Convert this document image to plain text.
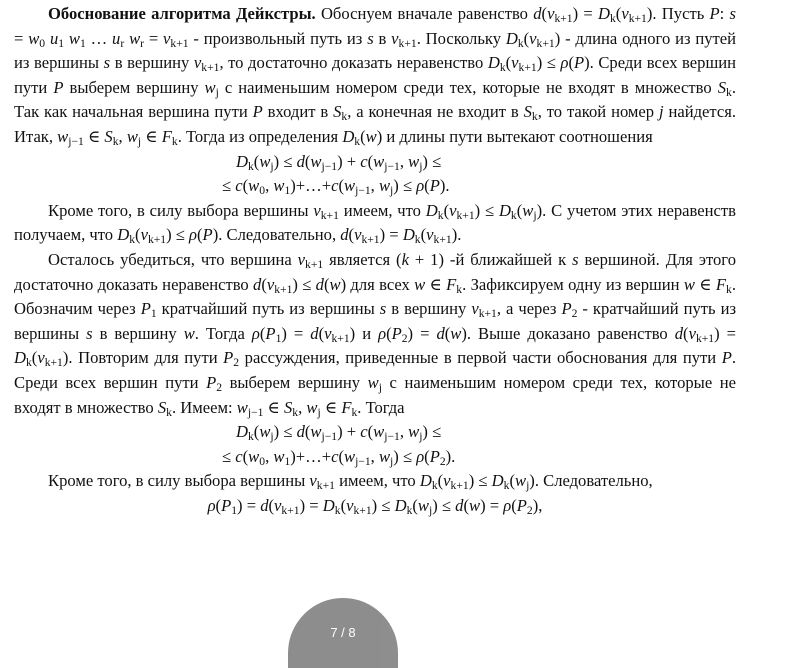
Обоснование алгоритма Дейкстры. Обоснуем вначале равенство $d(v_{k+1}) = D_k(v_{k+1})$. Пусть P: $s = w_0$ $u_1$ $w_1$ … $u_r$ $w_r = v_{k+1}$ - произвольный путь из s в $v_{k+1}$. Поскольку $D_k(v_{k+1})$ - длина одного из путей из вершины s в вершину $v_{k+1}$, то достаточно доказать неравенство $D_k(v_{k+1}) \le \rho(P)$. Среди всех вершин пути P выберем вершину $w_j$ с наименьшим номером среди тех, которые не входят в множество $S_k$. Так как начальная вершина пути P входит в $S_k$, а конечная не входит в $S_k$, то такой номер j найдется. Итак, $w_{j-1}$ ∈ $S_k$, $w_j$ ∈ $F_k$. Тогда из определения $D_k(w)$ и длины пути вытекают соотношения

$D_k(w_j) \le d(w_{j-1}) + c(w_{j-1}$, $w_j$) ≤

≤ $c(w_0$, $w_1)+\dots+c(w_{j-1}$, $w_j) \le \rho(P)$.

Кроме того, в силу выбора вершины $v_{k+1}$ имеем, что $D_k(v_{k+1}) \le D_k(w_j)$. С учетом этих неравенств получаем, что $D_k(v_{k+1}) \le \rho(P)$. Следовательно, $d(v_{k+1}) = D_k(v_{k+1})$.

Осталось убедиться, что вершина $v_{k+1}$ является (k + 1) -й ближайшей к s вершиной. Для этого достаточно доказать неравенство $d(v_{k+1}) \le d(w)$ для всех w ∈ $F_k$. Зафиксируем одну из вершин w ∈ $F_k$. Обозначим через $P_1$ кратчайший путь из вершины s в вершину $v_{k+1}$, а через $P_2$ - кратчайший путь из вершины s в вершину w. Тогда $\rho(P_1) = d(v_{k+1})$ и $\rho(P_2) = d(w)$. Выше доказано равенство $d(v_{k+1}) = D_k(v_{k+1})$. Повторим для пути $P_2$ рассуждения, приведенные в первой части обоснования для пути P. Среди всех вершин пути $P_2$ выберем вершину $w_j$ с наименьшим номером среди тех, которые не входят в множество $S_k$. Имеем: $w_{j-1}$ ∈ $S_k$, $w_j$ ∈ $F_k$. Тогда

$D_k(w_j) \le d(w_{j-1}) + c(w_{j-1}$, $w_j$) ≤

≤ $c(w_0$, $w_1)+\dots+c(w_{j-1}$, $w_j) \le \rho(P_2)$.

Кроме того, в силу выбора вершины $v_{k+1}$ имеем, что $D_k(v_{k+1}) \le D_k(w_j)$. Следовательно,

$\rho(P_1) = d(v_{k+1}) = D_k(v_{k+1}) \le D_k(w_j) \le d(w) = \rho(P_2)$,

7 / 8
